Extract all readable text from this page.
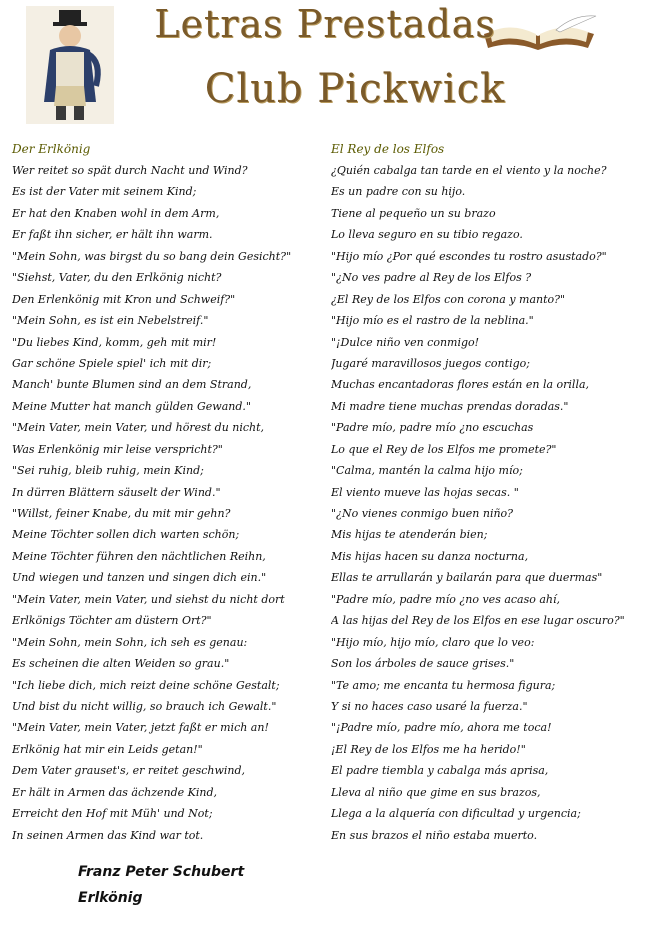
Letras Prestadas
Club Pickwick
Der Erlkönig
Wer reitet so spät durch Nacht und Wind?
Es ist der Vater mit seinem Kind;
Er hat den Knaben wohl in dem Arm,
Er faßt ihn sicher, er hält ihn warm.
"Mein Sohn, was birgst du so bang dein Gesicht?"
"Siehst, Vater, du den Erlkönig nicht?
Den Erlenkönig mit Kron und Schweif?"
"Mein Sohn, es ist ein Nebelstreif."
"Du liebes Kind, komm, geh mit mir!
Gar schöne Spiele spiel' ich mit dir;
Manch' bunte Blumen sind an dem Strand,
Meine Mutter hat manch gülden Gewand."
"Mein Vater, mein Vater, und hörest du nicht,
Was Erlenkönig mir leise verspricht?"
"Sei ruhig, bleib ruhig, mein Kind;
In dürren Blättern säuselt der Wind."
"Willst, feiner Knabe, du mit mir gehn?
Meine Töchter sollen dich warten schön;
Meine Töchter führen den nächtlichen Reihn,
Und wiegen und tanzen und singen dich ein."
"Mein Vater, mein Vater, und siehst du nicht dort
Erlkönigs Töchter am düstern Ort?"
"Mein Sohn, mein Sohn, ich seh es genau:
Es scheinen die alten Weiden so grau."
"Ich liebe dich, mich reizt deine schöne Gestalt;
Und bist du nicht willig, so brauch ich Gewalt."
"Mein Vater, mein Vater, jetzt faßt er mich an!
Erlkönig hat mir ein Leids getan!"
Dem Vater grauset's, er reitet geschwind,
Er hält in Armen das ächzende Kind,
Erreicht den Hof mit Müh' und Not;
In seinen Armen das Kind war tot.
El Rey de los Elfos
¿Quién cabalga tan tarde en el viento y la noche?
Es un padre con su hijo.
Tiene al pequeño un su brazo
Lo lleva seguro en su tibio regazo.
"Hijo mío ¿Por qué escondes tu rostro asustado?"
"¿No ves padre al Rey de los Elfos ?
¿El Rey de los Elfos con corona y manto?"
"Hijo mío es el rastro de la neblina."
"¡Dulce niño ven conmigo!
Jugaré maravillosos juegos contigo;
Muchas encantadoras flores están en la orilla,
Mi madre tiene muchas prendas doradas."
"Padre mío, padre mío ¿no escuchas
Lo que el Rey de los Elfos me promete?"
"Calma, mantén la calma hijo mío;
El viento mueve las hojas secas. "
"¿No vienes conmigo buen niño?
Mis hijas te atenderán bien;
Mis hijas hacen su danza nocturna,
Ellas te arrullarán y bailarán para que duermas"
"Padre mío, padre mío ¿no ves acaso ahí,
A las hijas del Rey de los Elfos en ese lugar oscuro?"
"Hijo mío, hijo mío, claro que lo veo:
Son los árboles de sauce grises."
"Te amo; me encanta tu hermosa figura;
Y si no haces caso usaré la fuerza."
"¡Padre mío, padre mío, ahora me toca!
¡El Rey de los Elfos me ha herido!"
El padre tiembla y cabalga más aprisa,
Lleva al niño que gime en sus brazos,
Llega a la alquería con dificultad y urgencia;
En sus brazos el niño estaba muerto.
Franz Peter Schubert
Erlkönig
